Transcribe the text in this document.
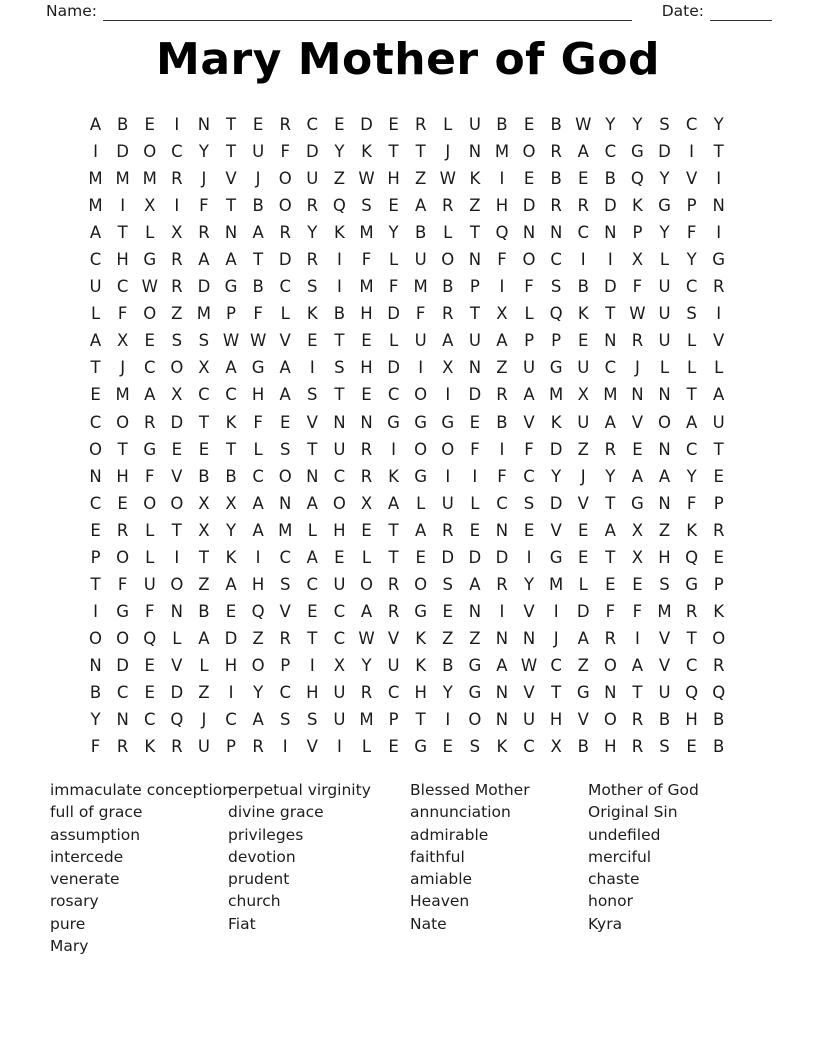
Name:	Date:
Mary Mother of God
A B E	I	N T	E R C E D E R	L U B E B W Y	Y	S C Y
I	D O C Y	T U F D Y	K	T	T	J	N M O R A C G D	I	T
M M M R	J	V	J	O U Z W H Z W K	I	E B E B Q Y V	I
M	I	X	I	F	T B O R Q S	E A R Z H D R R D K G P N
A T	L	X R N A R Y	K M Y B	L	T Q N N C N P	Y	F	I
C H G R A A T D R	I	F	L U O N F O C	I	I	X	L	Y G
U C W R D G B C S	I	M F M B P	I	F	S B D F U C R
L	F O Z M P	F	L	K B H D F	R T X	L Q K	T W U S	I
A X E	S	S W W V E	T	E	L U A U A P	P	E N R U L	V
T	J	C O X A G A	I	S H D	I	X N Z U G U C	J	L	L	L
E M A X C C H A S	T	E C O	I	D R A M X M N N T A
C O R D T	K	F	E V N N G G G E B V K U A V O A U
O T G E	E	T	L	S	T U R	I	O O F	I	F D Z R E N C T
N H F	V B B C O N C R K G	I	I	F	C Y	J	Y A A Y	E
C E O O X X A N A O X A	L U L	C S D V T G N F	P
E R	L	T X Y A M L H E	T A R E N E V E A X Z K R
P O L	I	T	K	I	C A E	L	T	E D D D	I	G E	T X H Q E
T	F U O Z A H S C U O R O S A R Y M L	E	E	S G P
I	G F N B E Q V E C A R G E N	I	V	I	D F	F M R K
O O Q L	A D Z R T C W V K Z Z N N	J	A R	I	V T O
N D E V	L H O P	I	X Y U K B G A W C Z O A V C R
B C E D Z	I	Y C H U R C H Y G N V T G N T U Q Q
Y N C Q	J	C A S	S U M P	T	I	O N U H V O R B H B
F	R K R U P R	I	V	I	L	E G E	S K C X B H R S	E B
immaculate conception
full of grace
assumption
intercede
venerate
rosary
pure
Mary
perpetual virginity
divine grace
privileges
devotion
prudent
church
Fiat
Blessed Mother
annunciation
admirable
faithful
amiable
Heaven
Nate
Mother of God
Original Sin
undefiled
merciful
chaste
honor
Kyra
